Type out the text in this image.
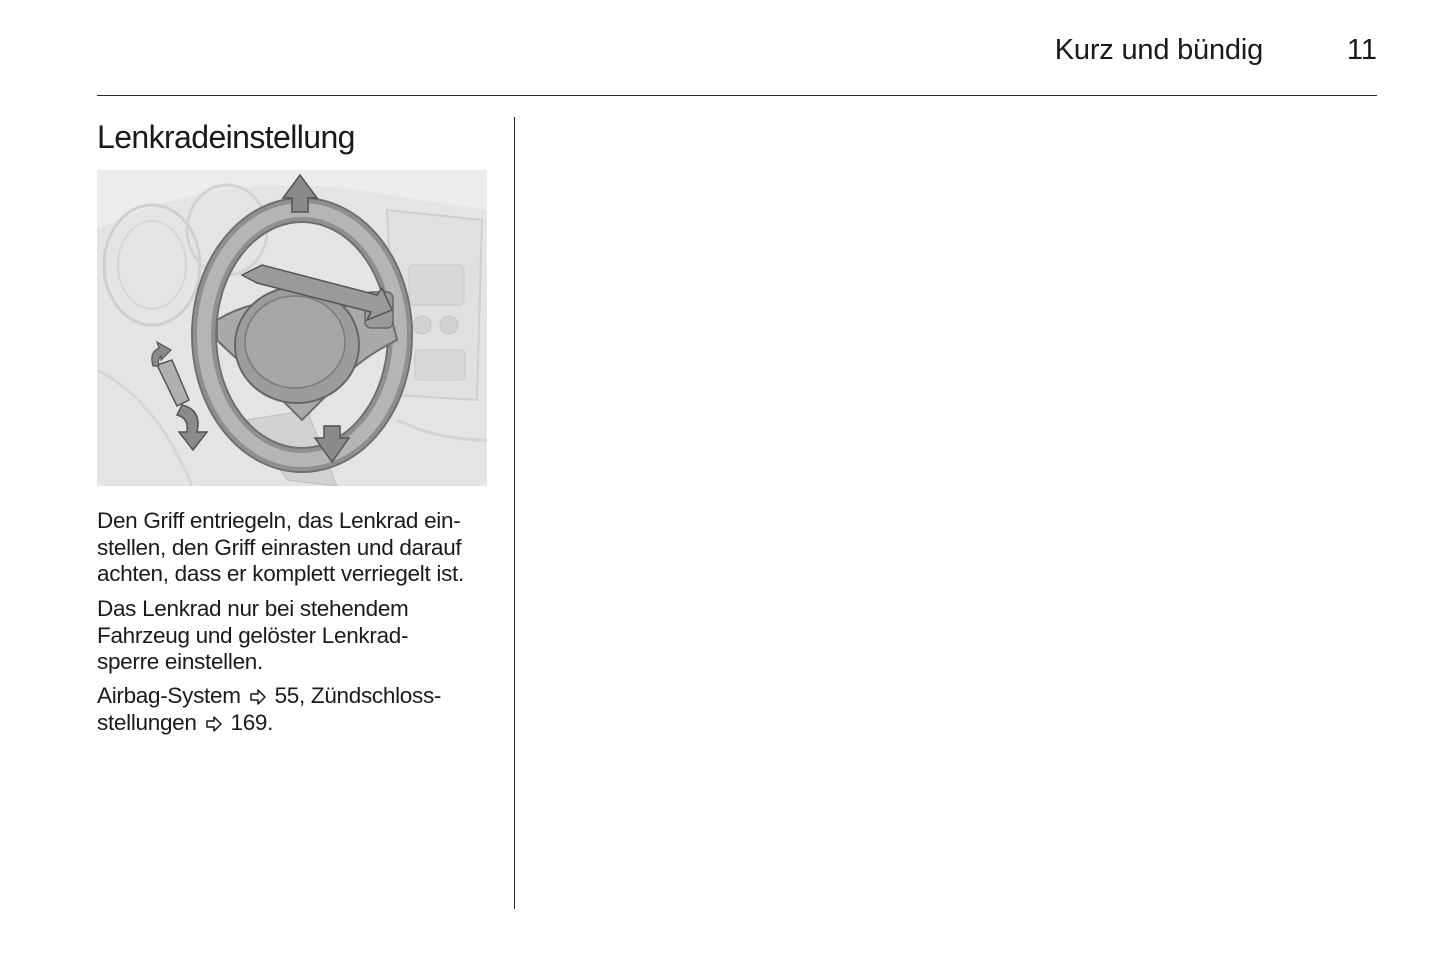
Kurz und bündig	11
Lenkradeinstellung
Den Griff entriegeln, das Lenkrad ein-
stellen, den Griff einrasten und darauf
achten, dass er komplett verriegelt ist.
Das Lenkrad nur bei stehendem
Fahrzeug und gelöster Lenkrad-
sperre einstellen.
Airbag-System 55, Zündschloss-
stellungen 169.
